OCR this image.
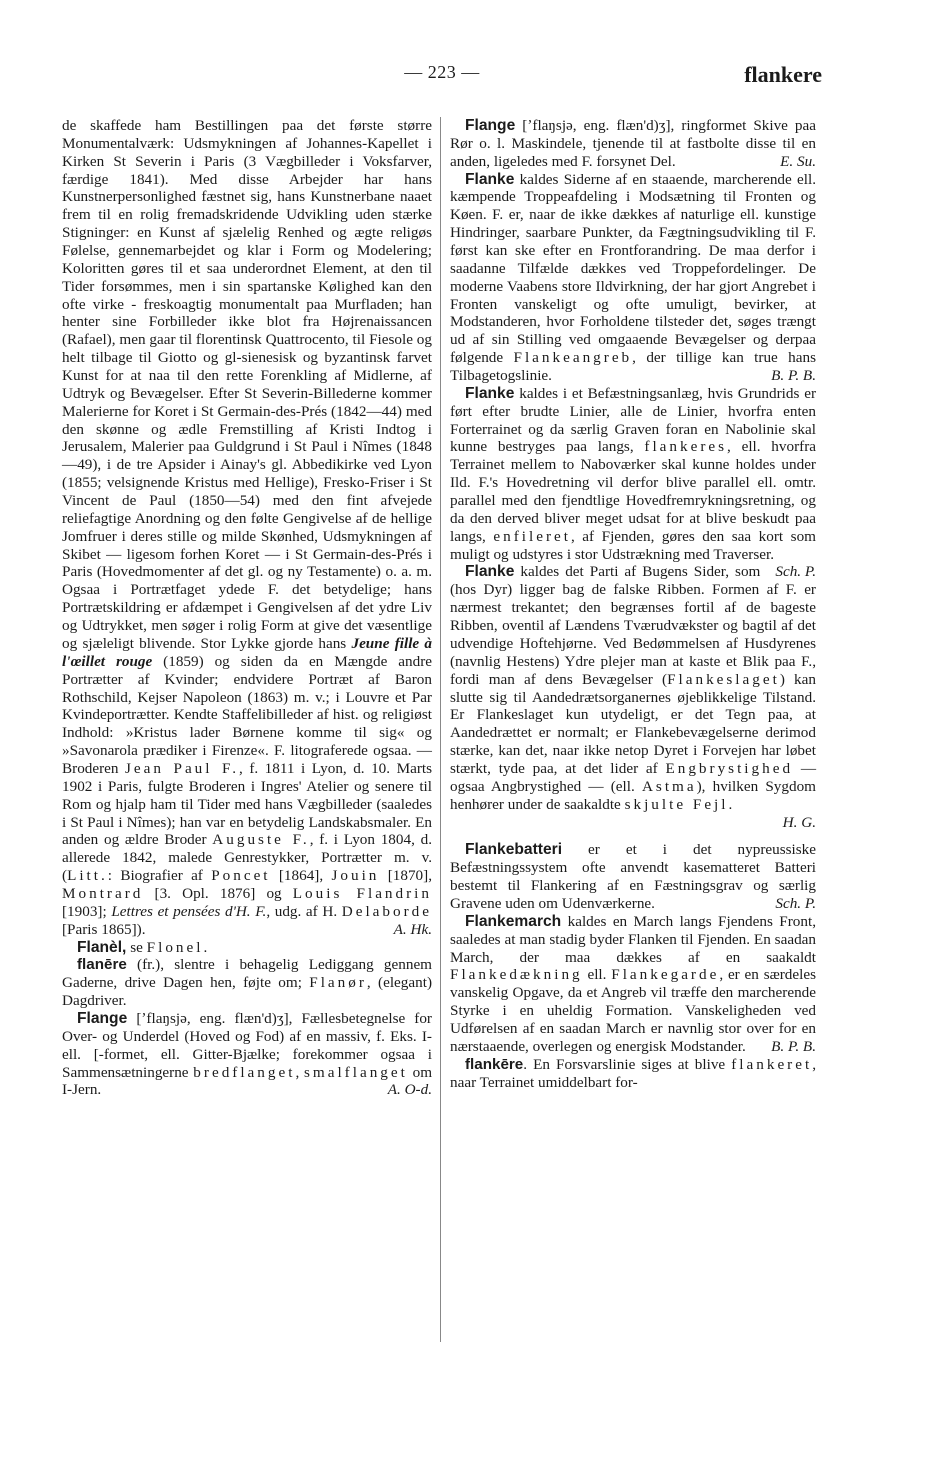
— 223 —	flankere

de skaffede ham Bestillingen paa det første større Monumentalværk: Udsmykningen af Johannes-Kapellet i Kirken St Severin i Paris (3 Vægbilleder i Voksfarver, færdige 1841). Med disse Arbejder har hans Kunstnerpersonlighed fæstnet sig, hans Kunstnerbane naaet frem til en rolig fremadskridende Udvikling uden stærke Stigninger: en Kunst af sjælelig Renhed og ægte religøs Følelse, gennemarbejdet og klar i Form og Modelering; Koloritten gøres til et saa underordnet Element, at den til Tider forsømmes, men i sin spartanske Kølighed kan den ofte virke - freskoagtig monumentalt paa Murfladen; han henter sine Forbilleder ikke blot fra Højrenaissancen (Rafael), men gaar til florentinsk Quattrocento, til Fiesole og helt tilbage til Giotto og gl-sienesisk og byzantinsk farvet Kunst for at naa til den rette Forenkling af Midlerne, af Udtryk og Bevægelser. Efter St Severin-Billederne kommer Malerierne for Koret i St Germain-des-Prés (1842—44) med den skønne og ædle Fremstilling af Kristi Indtog i Jerusalem, Malerier paa Guldgrund i St Paul i Nîmes (1848—49), i de tre Apsider i Ainay's gl. Abbedikirke ved Lyon (1855; velsignende Kristus med Hellige), Fresko-Friser i St Vincent de Paul (1850—54) med den fint afvejede reliefagtige Anordning og den følte Gengivelse af de hellige Jomfruer i deres stille og milde Skønhed, Udsmykningen af Skibet — ligesom forhen Koret — i St Germain-des-Prés i Paris (Hovedmomenter af det gl. og ny Testamente) o. a. m. Ogsaa i Portrætfaget ydede F. det betydelige; hans Portrætskildring er afdæmpet i Gengivelsen af det ydre Liv og Udtrykket, men søger i rolig Form at give det væsentlige og sjæleligt blivende. Stor Lykke gjorde hans Jeune fille à l'œillet rouge (1859) og siden da en Mængde andre Portrætter af Kvinder; endvidere Portræt af Baron Rothschild, Kejser Napoleon (1863) m. v.; i Louvre et Par Kvindeportrætter. Kendte Staffelibilleder af hist. og religiøst Indhold: »Kristus lader Børnene komme til sig« og »Savonarola prædiker i Firenze«. F. litograferede ogsaa. — Broderen Jean Paul F., f. 1811 i Lyon, d. 10. Marts 1902 i Paris, fulgte Broderen i Ingres' Atelier og senere til Rom og hjalp ham til Tider med hans Vægbilleder (saaledes i St Paul i Nîmes); han var en betydelig Landskabsmaler. En anden og ældre Broder Auguste F., f. i Lyon 1804, d. allerede 1842, malede Genrestykker, Portrætter m. v. (Litt.: Biografier af Poncet [1864], Jouin [1870], Montrard [3. Opl. 1876] og Louis Flandrin [1903]; Lettres et pensées d'H. F., udg. af H. Delaborde [Paris 1865]).	A. Hk.

Flanèl, se Flonel.

flanēre (fr.), slentre i behagelig Lediggang gennem Gaderne, drive Dagen hen, føjte om; Flanør, (elegant) Dagdriver.

Flange [ʼflaŋsjə, eng. flæn'd)ʒ], Fællesbetegnelse for Over- og Underdel (Hoved og Fod) af en massiv, f. Eks. I- ell. [-formet, ell. Gitter-Bjælke; forekommer ogsaa i Sammensætningerne bredflanget, smalflanget om I-Jern.	A. O-d.

Flange [ʼflaŋsjə, eng. flæn'd)ʒ], ringformet Skive paa Rør o. l. Maskindele, tjenende til at fastbolte disse til en anden, ligeledes med F. forsynet Del.	E. Su.

Flanke kaldes Siderne af en staaende, marcherende ell. kæmpende Troppeafdeling i Modsætning til Fronten og Køen. F. er, naar de ikke dækkes af naturlige ell. kunstige Hindringer, saarbare Punkter, da Fægtningsudvikling til F. først kan ske efter en Frontforandring. De maa derfor i saadanne Tilfælde dækkes ved Troppefordelinger. De moderne Vaabens store Ildvirkning, der har gjort Angrebet i Fronten vanskeligt og ofte umuligt, bevirker, at Modstanderen, hvor Forholdene tilsteder det, søges trængt ud af sin Stilling ved omgaaende Bevægelser og derpaa følgende Flankeangreb, der tillige kan true hans Tilbagetogslinie.	B. P. B.

Flanke kaldes i et Befæstningsanlæg, hvis Grundrids er ført efter brudte Linier, alle de Linier, hvorfra enten Forterrainet og da særlig Graven foran en Nabolinie skal kunne bestryges paa langs, flankeres, ell. hvorfra Terrainet mellem to Naboværker skal kunne holdes under Ild. F.'s Hovedretning vil derfor blive parallel ell. omtr. parallel med den fjendtlige Hovedfremrykningsretning, og da den derved bliver meget udsat for at blive beskudt paa langs, enfileret, af Fjenden, gøres den saa kort som muligt og udstyres i stor Udstrækning med Traverser.
Sch. P.

Flanke kaldes det Parti af Bugens Sider, som (hos Dyr) ligger bag de falske Ribben. Formen af F. er nærmest trekantet; den begrænses fortil af de bageste Ribben, oventil af Lændens Tværudvækster og bagtil af det udvendige Hoftehjørne. Ved Bedømmelsen af Husdyrenes (navnlig Hestens) Ydre plejer man at kaste et Blik paa F., fordi man af dens Bevægelser (Flankeslaget) kan slutte sig til Aandedrætsorganernes øjeblikkelige Tilstand. Er Flankeslaget kun utydeligt, er det Tegn paa, at Aandedrættet er normalt; er Flankebevægelserne derimod stærke, kan det, naar ikke netop Dyret i Forvejen har løbet stærkt, tyde paa, at det lider af Engbrystighed — ogsaa Angbrystighed — (ell. Astma), hvilken Sygdom henhører under de saakaldte skjulte Fejl.
H. G.

Flankebatteri er et i det nypreussiske Befæstningssystem ofte anvendt kasematteret Batteri bestemt til Flankering af en Fæstningsgrav og særlig Gravene uden om Udenværkerne.	Sch. P.

Flankemarch kaldes en March langs Fjendens Front, saaledes at man stadig byder Flanken til Fjenden. En saadan March, der maa dækkes af en saakaldt Flankedækning ell. Flankegarde, er en særdeles vanskelig Opgave, da et Angreb vil træffe den marcherende Styrke i en uheldig Formation. Vanskeligheden ved Udførelsen af en saadan March er navnlig stor over for en nærstaaende, overlegen og energisk Modstander.	B. P. B.

flankēre. En Forsvarslinie siges at blive flankeret, naar Terrainet umiddelbart for-
